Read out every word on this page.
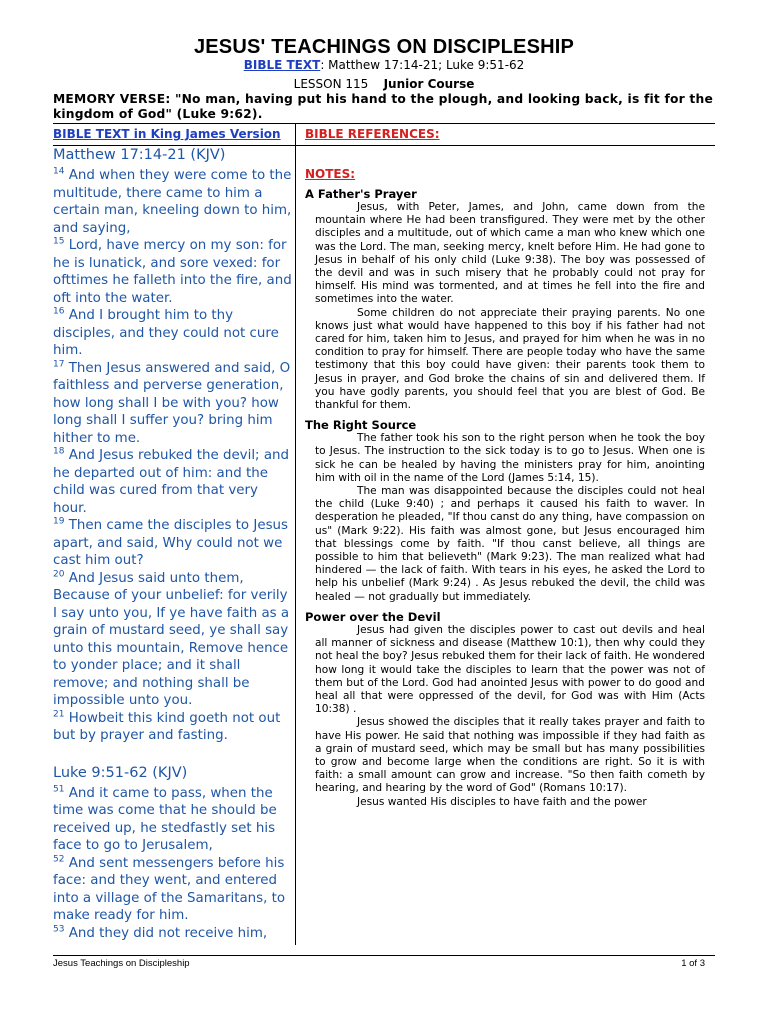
JESUS' TEACHINGS ON DISCIPLESHIP
BIBLE TEXT: Matthew 17:14-21; Luke 9:51-62
LESSON 115 Junior Course
MEMORY VERSE: "No man, having put his hand to the plough, and looking back, is fit for the kingdom of God" (Luke 9:62).
BIBLE TEXT in King James Version
Matthew 17:14-21 (KJV)

$^{14}$ And when they were come to the multitude, there came to him a certain man, kneeling down to him, and saying,

$^{15}$ Lord, have mercy on my son: for he is lunatick, and sore vexed: for ofttimes he falleth into the fire, and oft into the water.

$^{16}$ And I brought him to thy disciples, and they could not cure him.

$^{17}$ Then Jesus answered and said, O faithless and perverse generation, how long shall I be with you? how long shall I suffer you? bring him hither to me.

$^{18}$ And Jesus rebuked the devil; and he departed out of him: and the child was cured from that very hour.

$^{19}$ Then came the disciples to Jesus apart, and said, Why could not we cast him out?

$^{20}$ And Jesus said unto them, Because of your unbelief: for verily I say unto you, If ye have faith as a grain of mustard seed, ye shall say unto this mountain, Remove hence to yonder place; and it shall remove; and nothing shall be impossible unto you.

$^{21}$ Howbeit this kind goeth not out but by prayer and fasting.

Luke 9:51-62 (KJV)

$^{51}$ And it came to pass, when the time was come that he should be received up, he stedfastly set his face to go to Jerusalem,

$^{52}$ And sent messengers before his face: and they went, and entered into a village of the Samaritans, to make ready for him.

$^{53}$ And they did not receive him,

BIBLE REFERENCES:
NOTES:
A Father's Prayer

Jesus, with Peter, James, and John, came down from the mountain where He had been transfigured. They were met by the other disciples and a multitude, out of which came a man who knew which one was the Lord. The man, seeking mercy, knelt before Him. He had gone to Jesus in behalf of his only child (Luke 9:38). The boy was possessed of the devil and was in such misery that he probably could not pray for himself. His mind was tormented, and at times he fell into the fire and sometimes into the water.

Some children do not appreciate their praying parents. No one knows just what would have happened to this boy if his father had not cared for him, taken him to Jesus, and prayed for him when he was in no condition to pray for himself. There are people today who have the same testimony that this boy could have given: their parents took them to Jesus in prayer, and God broke the chains of sin and delivered them. If you have godly parents, you should feel that you are blest of God. Be thankful for them.

The Right Source

The father took his son to the right person when he took the boy to Jesus. The instruction to the sick today is to go to Jesus. When one is sick he can be healed by having the ministers pray for him, anointing him with oil in the name of the Lord (James 5:14, 15).

The man was disappointed because the disciples could not heal the child (Luke 9:40) ; and perhaps it caused his faith to waver. In desperation he pleaded, "If thou canst do any thing, have compassion on us" (Mark 9:22). His faith was almost gone, but Jesus encouraged him that blessings come by faith. "If thou canst believe, all things are possible to him that believeth" (Mark 9:23). The man realized what had hindered — the lack of faith. With tears in his eyes, he asked the Lord to help his unbelief (Mark 9:24) . As Jesus rebuked the devil, the child was healed — not gradually but immediately.

Power over the Devil

Jesus had given the disciples power to cast out devils and heal all manner of sickness and disease (Matthew 10:1), then why could they not heal the boy? Jesus rebuked them for their lack of faith. He wondered how long it would take the disciples to learn that the power was not of them but of the Lord. God had anointed Jesus with power to do good and heal all that were oppressed of the devil, for God was with Him (Acts 10:38) .

Jesus showed the disciples that it really takes prayer and faith to have His power. He said that nothing was impossible if they had faith as a grain of mustard seed, which may be small but has many possibilities to grow and become large when the conditions are right. So it is with faith: a small amount can grow and increase. "So then faith cometh by hearing, and hearing by the word of God" (Romans 10:17).

Jesus wanted His disciples to have faith and the power

Jesus Teachings on Discipleship	1 of 3
